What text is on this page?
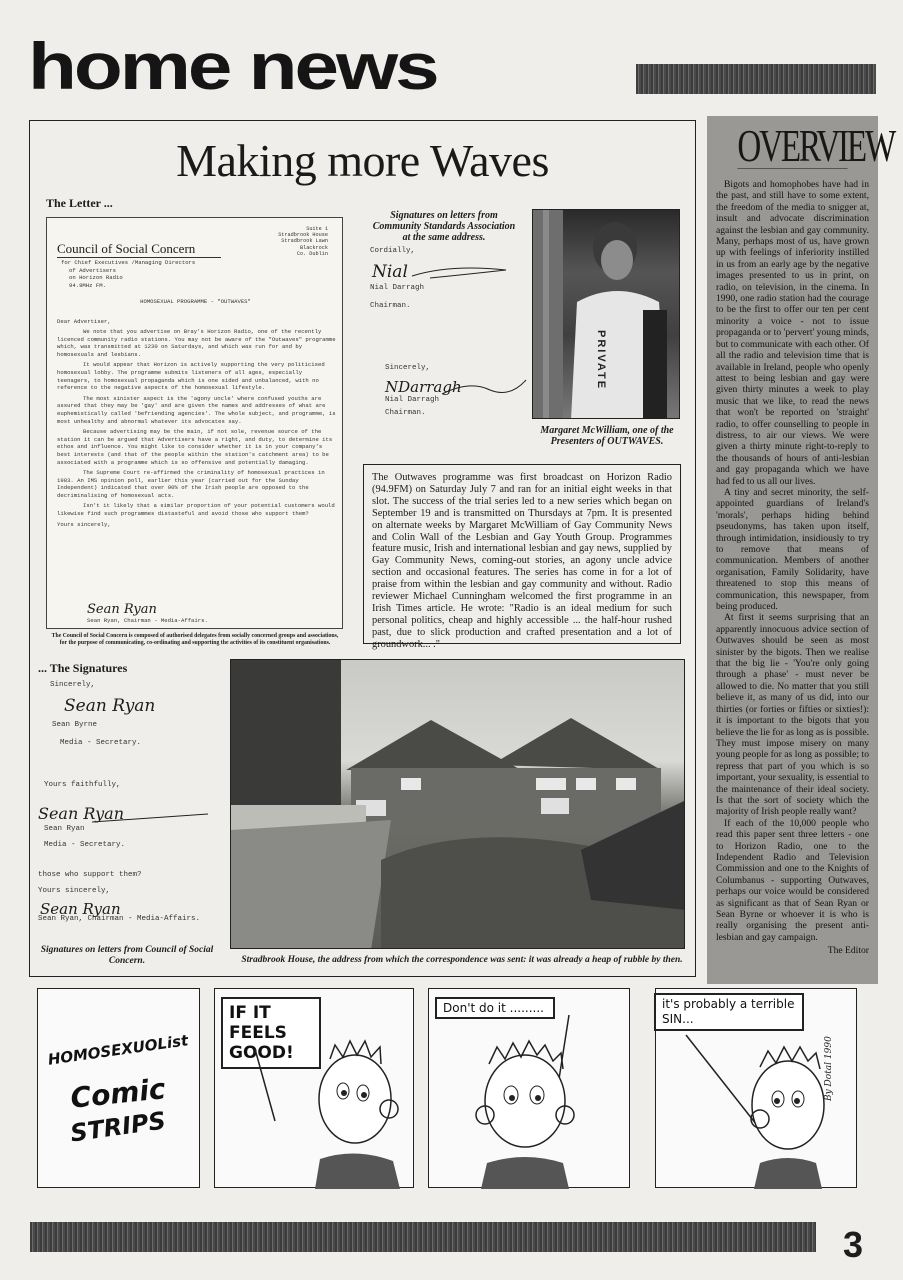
home news
Making more Waves
The Letter ...
Suite 1
Stradbrook House
Stradbrook Lawn
Blackrock
Co. Dublin
Council of Social Concern
for Chief Executives /Managing Directors
of Advertisers
on Horizon Radio
94.9MHz FM.
HOMOSEXUAL PROGRAMME - "OUTWAVES"
Dear Advertiser,

We note that you advertise on Bray's Horizon Radio, one of the recently licenced community radio stations. You may not be aware of the "Outwaves" programme which, was transmitted at 1230 on Saturdays, and which was run for and by homosexuals and lesbians.

It would appear that Horizon is actively supporting the very politicised homosexual lobby. The programme submits listeners of all ages, especially teenagers, to homosexual propaganda which is one sided and unbalanced, with no reference to the negative aspects of the homosexual lifestyle.

The most sinister aspect is the 'agony uncle' where confused youths are assured that they may be 'gay' and are given the names and addresses of what are euphemistically called 'befriending agencies'. The whole subject, and programme, is most unhealthy and abnormal whatever its advocates say.

Because advertising may be the main, if not sole, revenue source of the station it can be argued that Advertisers have a right, and duty, to determine its ethos and influence. You might like to consider whether it is in your company's best interests (and that of the people within the station's catchment area) to be associated with a programme which is so offensive and potentially damaging.

The Supreme Court re-affirmed the criminality of homosexual practices in 1983. An IMS opinion poll, earlier this year (carried out for the Sunday Independent) indicated that over 90% of the Irish people are opposed to the decriminalising of homosexual acts.

Isn't it likely that a similar proportion of your potential customers would likewise find such programmes distasteful and avoid those who support them?

Yours sincerely,
Sean Ryan
Sean Ryan, Chairman - Media-Affairs.
The Council of Social Concern is composed of authorised delegates from socially concerned groups and associations, for the purpose of communicating, co-ordinating and supporting the activities of its constituent organisations.
Signatures on letters from Community Standards Association at the same address.
Cordially,
Nial
Nial Darragh
Chairman.
Sincerely,
NDarragh
Nial Darragh
Chairman.
PRIVATE
Margaret McWilliam, one of the Presenters of OUTWAVES.
The Outwaves programme was first broadcast on Horizon Radio (94.9FM) on Saturday July 7 and ran for an initial eight weeks in that slot. The success of the trial series led to a new series which began on September 19 and is transmitted on Thursdays at 7pm. It is presented on alternate weeks by Margaret McWilliam of Gay Community News and Colin Wall of the Lesbian and Gay Youth Group. Programmes feature music, Irish and international lesbian and gay news, supplied by Gay Community News, coming-out stories, an agony uncle advice section and occasional features. The series has come in for a lot of praise from within the lesbian and gay community and without. Radio reviewer Michael Cunningham welcomed the first programme in an Irish Times article. He wrote: "Radio is an ideal medium for such personal politics, cheap and highly accessible ... the half-hour rushed past, due to slick production and crafted presentation and a lot of groundwork... ."
... The Signatures
Sincerely,
Sean Ryan
Sean Byrne
Media - Secretary.
Yours faithfully,
Sean Ryan
Sean Ryan
Media - Secretary.
those who support them?
Yours sincerely,
Sean Ryan
Sean Ryan, Chairman - Media-Affairs.
Signatures on letters from Council of Social Concern.	Stradbrook House, the address from which the correspondence was sent: it was already a heap of rubble by then.
OVERVIEW

Bigots and homophobes have had in the past, and still have to some extent, the freedom of the media to snigger at, insult and advocate discrimination against the lesbian and gay community. Many, perhaps most of us, have grown up with feelings of inferiority instilled in us from an early age by the negative images presented to us in print, on radio, on television, in the cinema. In 1990, one radio station had the courage to be the first to offer our ten per cent minority a voice - not to issue propaganda or to 'pervert' young minds, but to communicate with each other. Of all the radio and television time that is available in Ireland, people who openly attest to being lesbian and gay were given thirty minutes a week to play music that we like, to read the news that won't be reported on 'straight' radio, to offer counselling to people in distress, to air our views. We were given a thirty minute right-to-reply to the thousands of hours of anti-lesbian and gay propaganda which we have had fed to us all our lives.

A tiny and secret minority, the self-appointed guardians of Ireland's 'morals', perhaps hiding behind pseudonyms, has taken upon itself, through intimidation, insidiously to try to remove that means of communication. Members of another organisation, Family Solidarity, have threatened to stop this means of communication, this newspaper, from being produced.

At first it seems surprising that an apparently innocuous advice section of Outwaves should be seen as most sinister by the bigots. Then we realise that the big lie - 'You're only going through a phase' - must never be allowed to die. No matter that you still believe it, as many of us did, into our thirties (or forties or fifties or sixties!): it is important to the bigots that you believe the lie for as long as is possible. They must impose misery on many young people for as long as possible; to repress that part of you which is so important, your sexuality, is essential to the maintenance of their ideal society. Is that the sort of society which the majority of Irish people really want?

If each of the 10,000 people who read this paper sent three letters - one to Horizon Radio, one to the Independent Radio and Television Commission and one to the Knights of Columbanus - supporting Outwaves, perhaps our voice would be considered as significant as that of Sean Ryan or Sean Byrne or whoever it is who is really organising the present anti-lesbian and gay campaign.

The Editor
HOMOSEXUOList
Comic
STRIPS
IF IT FEELS GOOD!
Don't do it .........	it's probably a terrible SIN...
By Dotal 1990
3
